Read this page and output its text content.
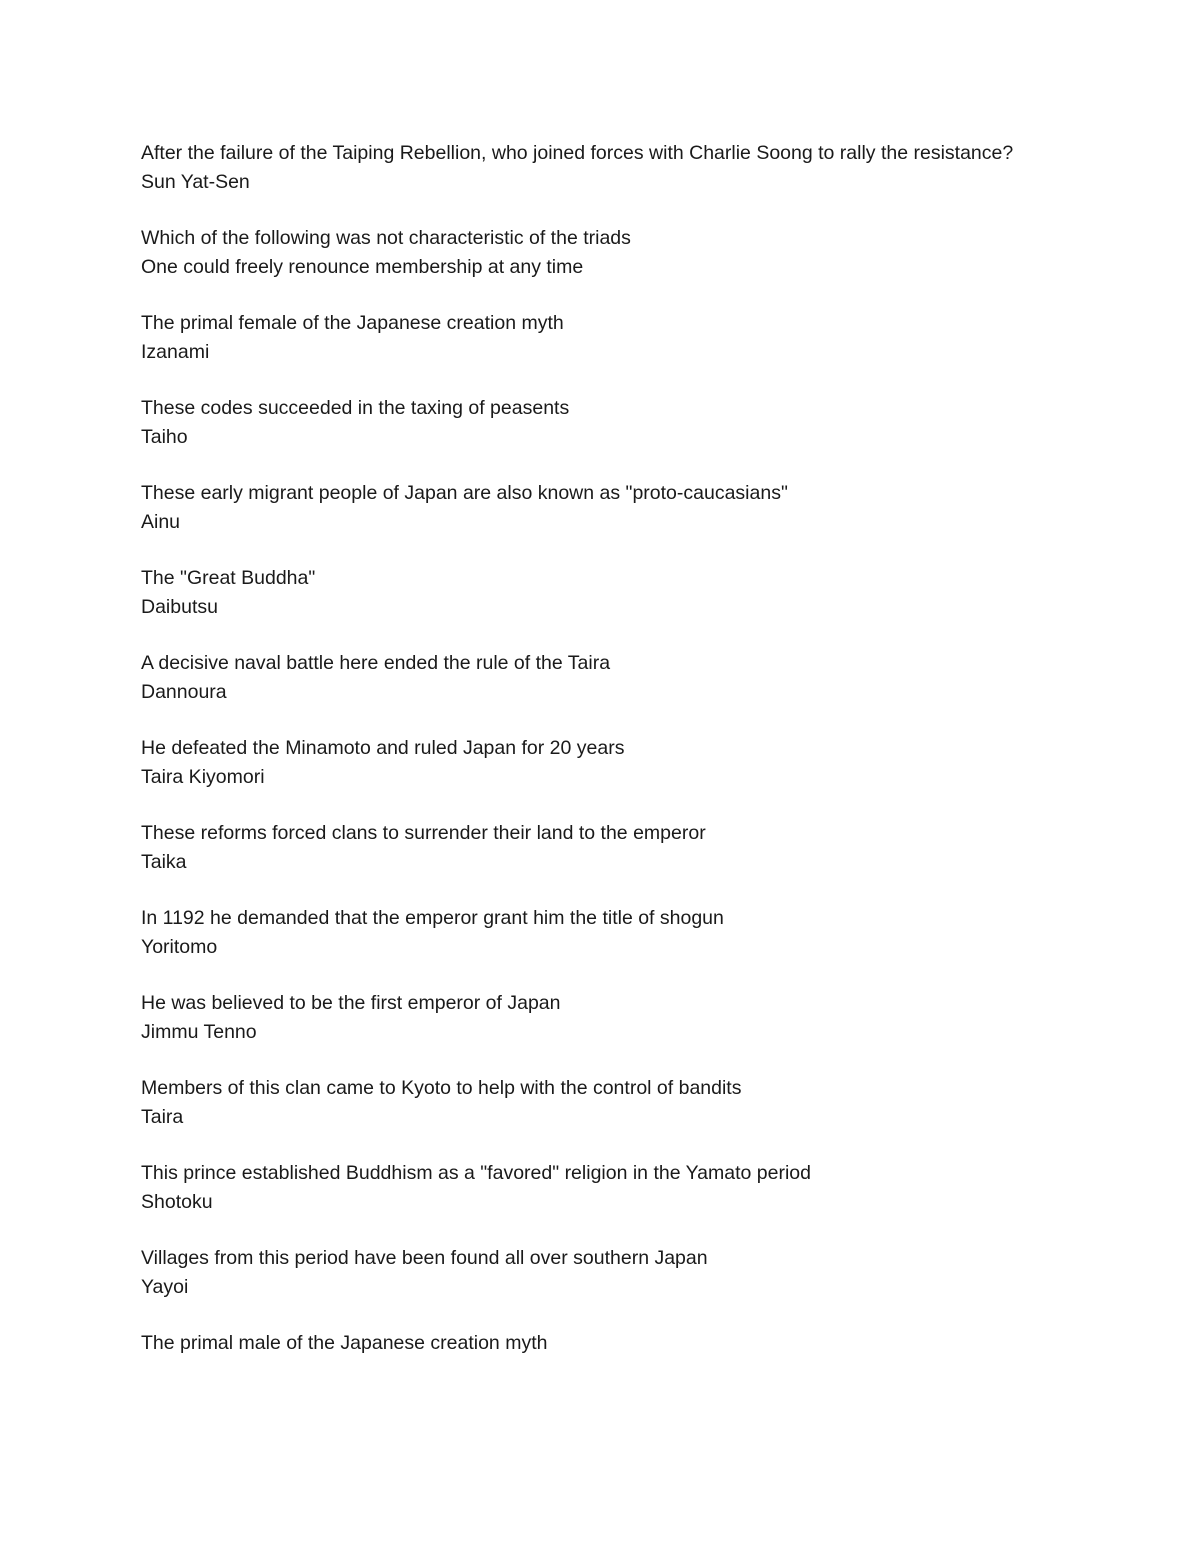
After the failure of the Taiping Rebellion, who joined forces with Charlie Soong to rally the resistance?

Sun Yat-Sen

Which of the following was not characteristic of the triads

One could freely renounce membership at any time

The primal female of the Japanese creation myth

Izanami

These codes succeeded in the taxing of peasents

Taiho

These early migrant people of Japan are also known as "proto-caucasians"

Ainu

The "Great Buddha"

Daibutsu

A decisive naval battle here ended the rule of the Taira

Dannoura

He defeated the Minamoto and ruled Japan for 20 years

Taira Kiyomori

These reforms forced clans to surrender their land to the emperor

Taika

In 1192 he demanded that the emperor grant him the title of shogun

Yoritomo

He was believed to be the first emperor of Japan

Jimmu Tenno

Members of this clan came to Kyoto to help with the control of bandits

Taira

This prince established Buddhism as a "favored" religion in the Yamato period

Shotoku

Villages from this period have been found all over southern Japan

Yayoi

The primal male of the Japanese creation myth
